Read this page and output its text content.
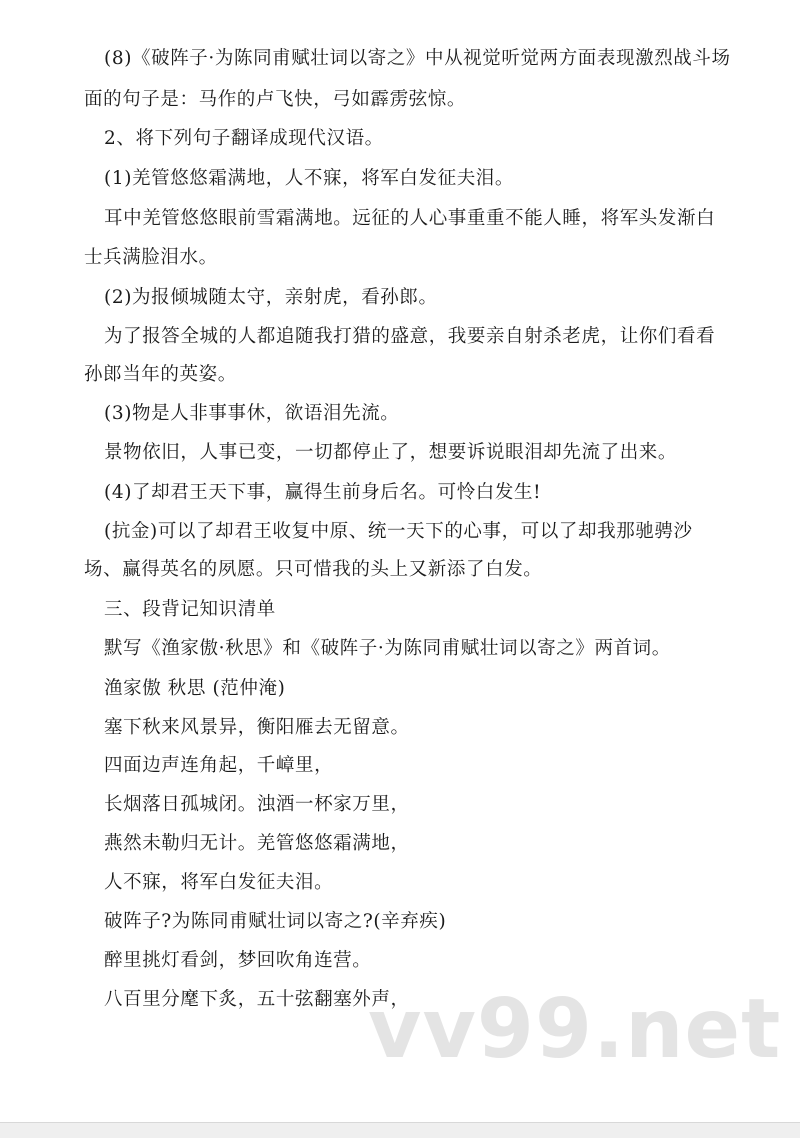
(8)《破阵子·为陈同甫赋壮词以寄之》中从视觉听觉两方面表现激烈战斗场
面的句子是：马作的卢飞快，弓如霹雳弦惊。
2、将下列句子翻译成现代汉语。
(1)羌管悠悠霜满地，人不寐，将军白发征夫泪。
耳中羌管悠悠眼前雪霜满地。远征的人心事重重不能人睡，将军头发渐白
士兵满脸泪水。
(2)为报倾城随太守，亲射虎，看孙郎。
为了报答全城的人都追随我打猎的盛意，我要亲自射杀老虎，让你们看看
孙郎当年的英姿。
(3)物是人非事事休，欲语泪先流。
景物依旧，人事已变，一切都停止了，想要诉说眼泪却先流了出来。
(4)了却君王天下事，赢得生前身后名。可怜白发生!
(抗金)可以了却君王收复中原、统一天下的心事，可以了却我那驰骋沙
场、赢得英名的夙愿。只可惜我的头上又新添了白发。
三、段背记知识清单
默写《渔家傲·秋思》和《破阵子·为陈同甫赋壮词以寄之》两首词。
渔家傲 秋思 (范仲淹)
塞下秋来风景异，衡阳雁去无留意。
四面边声连角起，千嶂里，
长烟落日孤城闭。浊酒一杯家万里，
燕然未勒归无计。羌管悠悠霜满地，
人不寐，将军白发征夫泪。
破阵子?为陈同甫赋壮词以寄之?(辛弃疾)
醉里挑灯看剑，梦回吹角连营。
八百里分麾下炙，五十弦翻塞外声，
vv99.net
